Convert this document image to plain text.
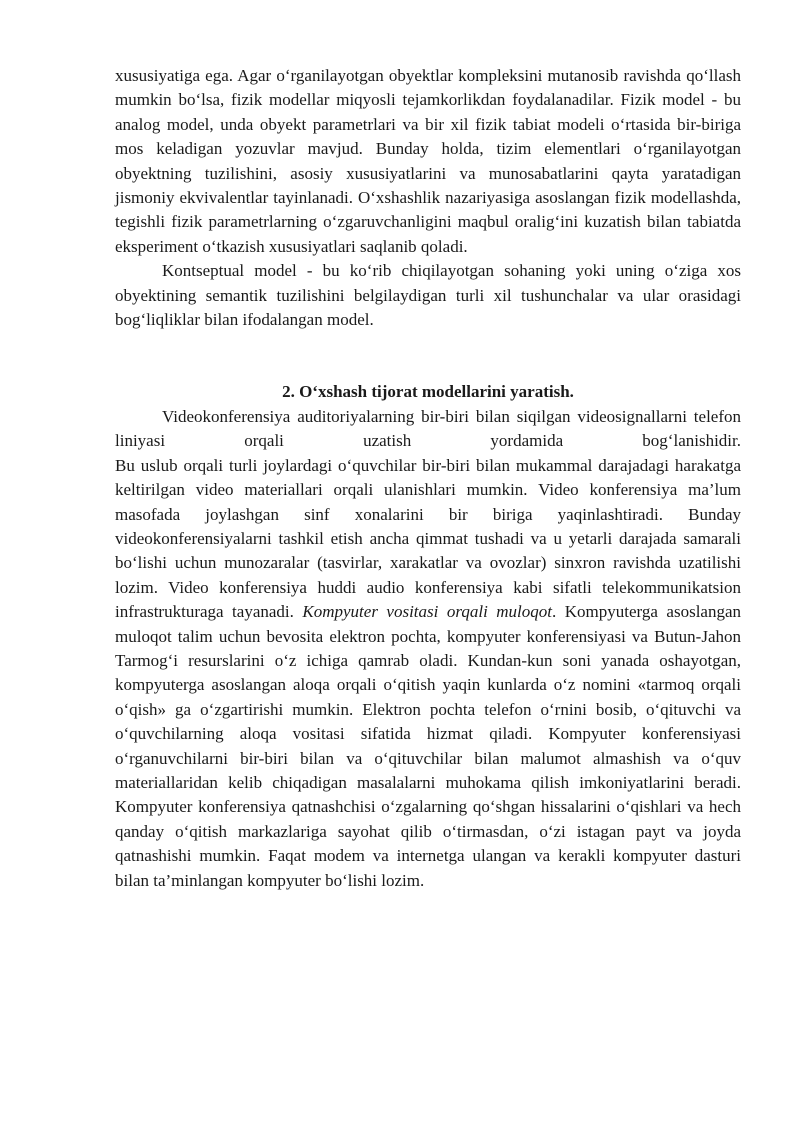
xususiyatiga ega. Agar o‘rganilayotgan obyektlar kompleksini mutanosib ravishda qo‘llash mumkin bo‘lsa, fizik modellar miqyosli tejamkorlikdan foydalanadilar. Fizik model - bu analog model, unda obyekt parametrlari va bir xil fizik tabiat modeli o‘rtasida bir-biriga mos keladigan yozuvlar mavjud. Bunday holda, tizim elementlari o‘rganilayotgan obyektning tuzilishini, asosiy xususiyatlarini va munosabatlarini qayta yaratadigan jismoniy ekvivalentlar tayinlanadi. O‘xshashlik nazariyasiga asoslangan fizik modellashda, tegishli fizik parametrlarning o‘zgaruvchanligini maqbul oralig‘ini kuzatish bilan tabiatda eksperiment o‘tkazish xususiyatlari saqlanib qoladi.

Kontseptual model - bu ko‘rib chiqilayotgan sohaning yoki uning o‘ziga xos obyektining semantik tuzilishini belgilaydigan turli xil tushunchalar va ular orasidagi bog‘liqliklar bilan ifodalangan model.

2. O‘xshash tijorat modellarini yaratish.

Videokonferensiya auditoriyalarning bir-biri bilan siqilgan videosignallarni telefon liniyasi orqali uzatish yordamida bog‘lanishidir.

Bu uslub orqali turli joylardagi o‘quvchilar bir-biri bilan mukammal darajadagi harakatga keltirilgan video materiallari orqali ulanishlari mumkin. Video konferensiya ma’lum masofada joylashgan sinf xonalarini bir biriga yaqinlashtiradi. Bunday videokonferensiyalarni tashkil etish ancha qimmat tushadi va u yetarli darajada samarali bo‘lishi uchun munozaralar (tasvirlar, xarakatlar va ovozlar) sinxron ravishda uzatilishi lozim. Video konferensiya huddi audio konferensiya kabi sifatli telekommunikatsion infrastrukturaga tayanadi. Kompyuter vositasi orqali muloqot. Kompyuterga asoslangan muloqot talim uchun bevosita elektron pochta, kompyuter konferensiyasi va Butun-Jahon Tarmog‘i resurslarini o‘z ichiga qamrab oladi. Kundan-kun soni yanada oshayotgan, kompyuterga asoslangan aloqa orqali o‘qitish yaqin kunlarda o‘z nomini «tarmoq orqali o‘qish» ga o‘zgartirishi mumkin. Elektron pochta telefon o‘rnini bosib, o‘qituvchi va o‘quvchilarning aloqa vositasi sifatida hizmat qiladi. Kompyuter konferensiyasi o‘rganuvchilarni bir-biri bilan va o‘qituvchilar bilan malumot almashish va o‘quv materiallaridan kelib chiqadigan masalalarni muhokama qilish imkoniyatlarini beradi. Kompyuter konferensiya qatnashchisi o‘zgalarning qo‘shgan hissalarini o‘qishlari va hech qanday o‘qitish markazlariga sayohat qilib o‘tirmasdan, o‘zi istagan payt va joyda qatnashishi mumkin. Faqat modem va internetga ulangan va kerakli kompyuter dasturi bilan ta’minlangan kompyuter bo‘lishi lozim.
